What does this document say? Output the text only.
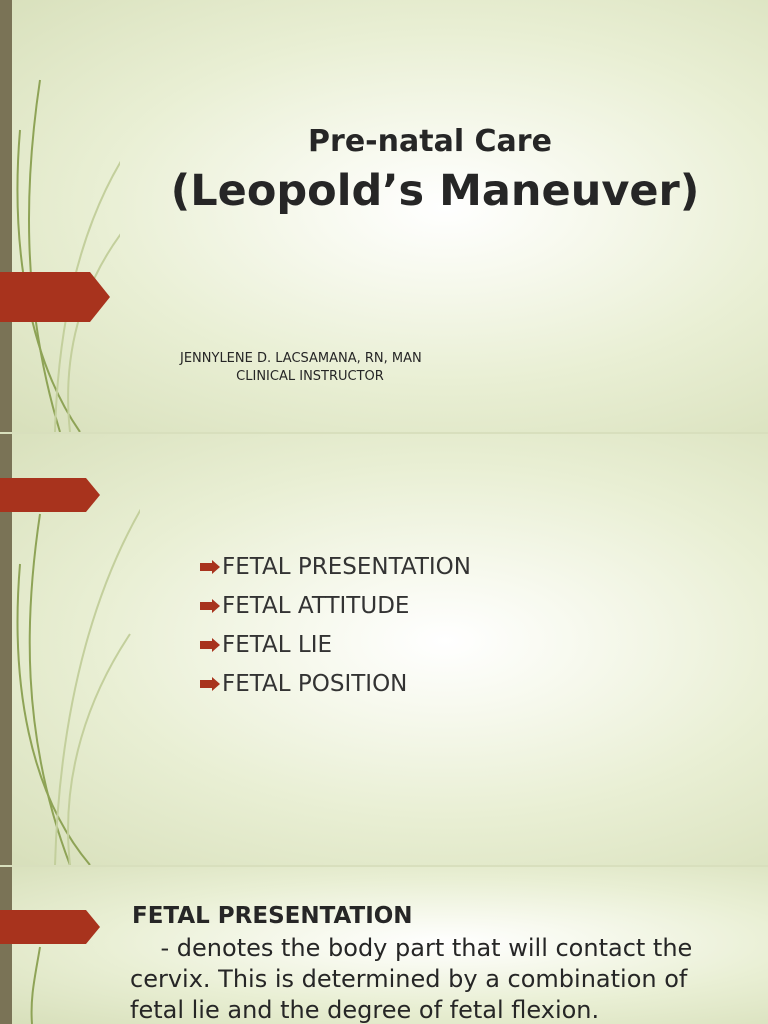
Pre-natal Care
(Leopold’s Maneuver)
JENNYLENE D. LACSAMANA, RN, MAN
CLINICAL INSTRUCTOR
FETAL PRESENTATION
FETAL ATTITUDE
FETAL LIE
FETAL POSITION
FETAL PRESENTATION
- denotes the body part that will contact the
cervix. This is determined by a combination of
fetal lie and the degree of fetal flexion.
